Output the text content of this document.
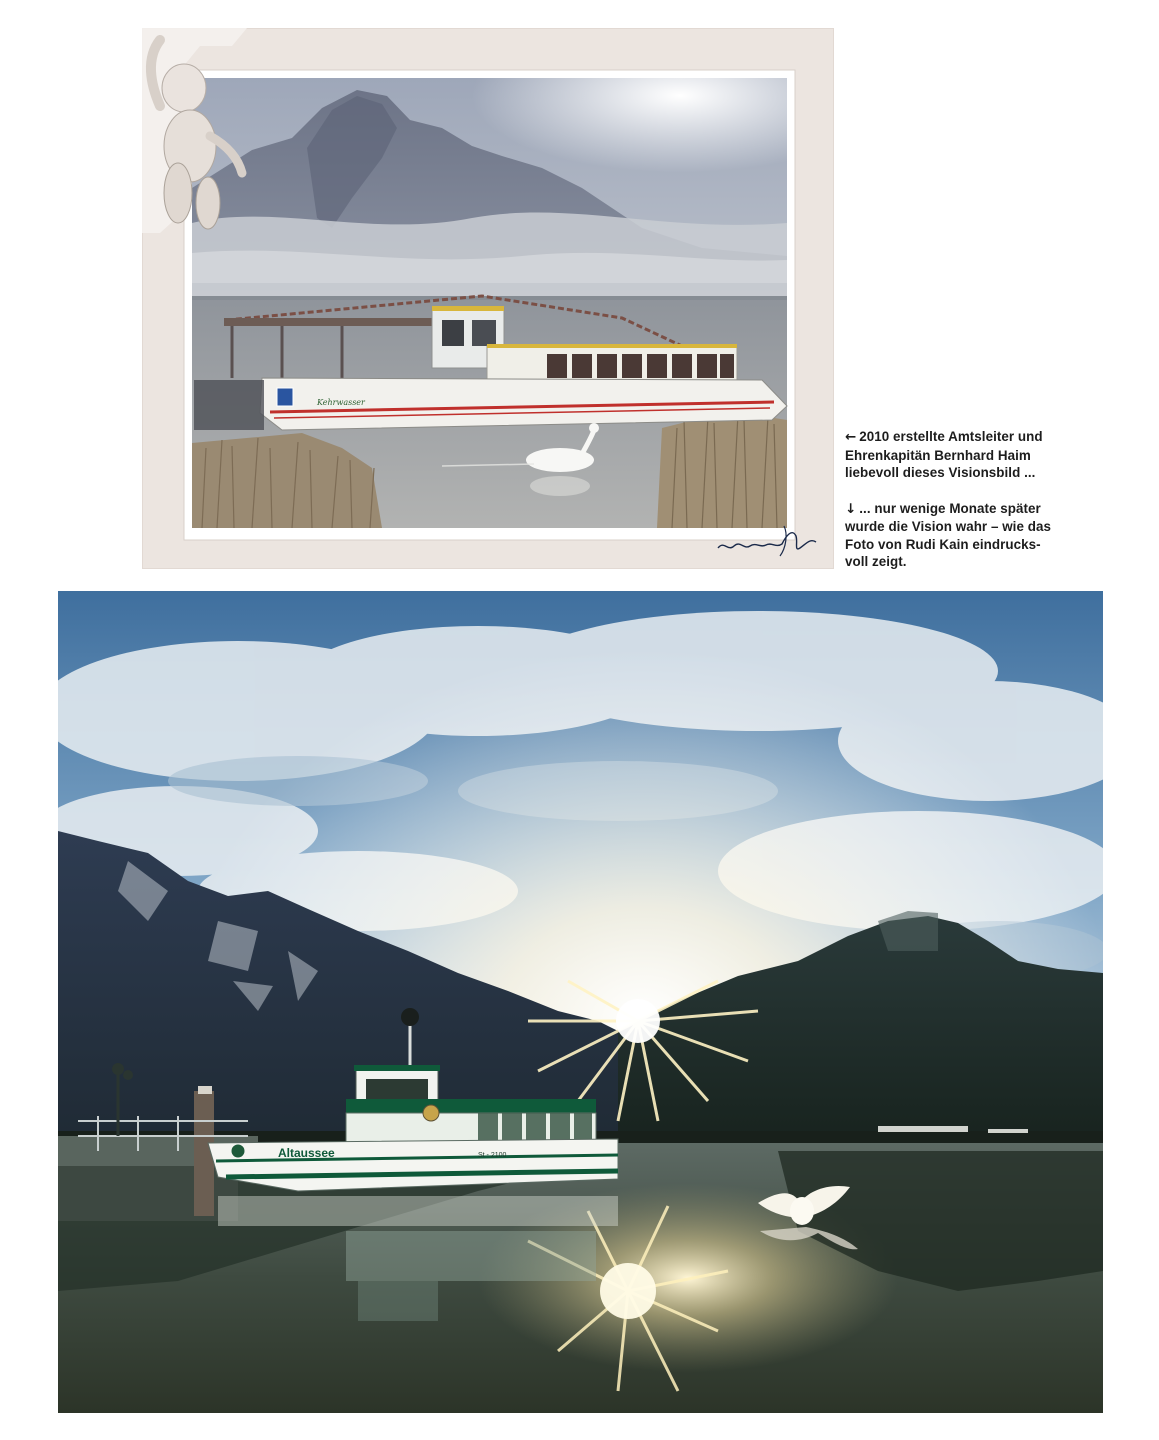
Kehrwasser

← 2010 erstellte Amtsleiter und
Ehrenkapitän Bernhard Haim
liebevoll dieses Visionsbild ...

↓ ... nur wenige Monate später
wurde die Vision wahr – wie das
Foto von Rudi Kain eindrucks-
voll zeigt.

Altaussee	St - 2100
